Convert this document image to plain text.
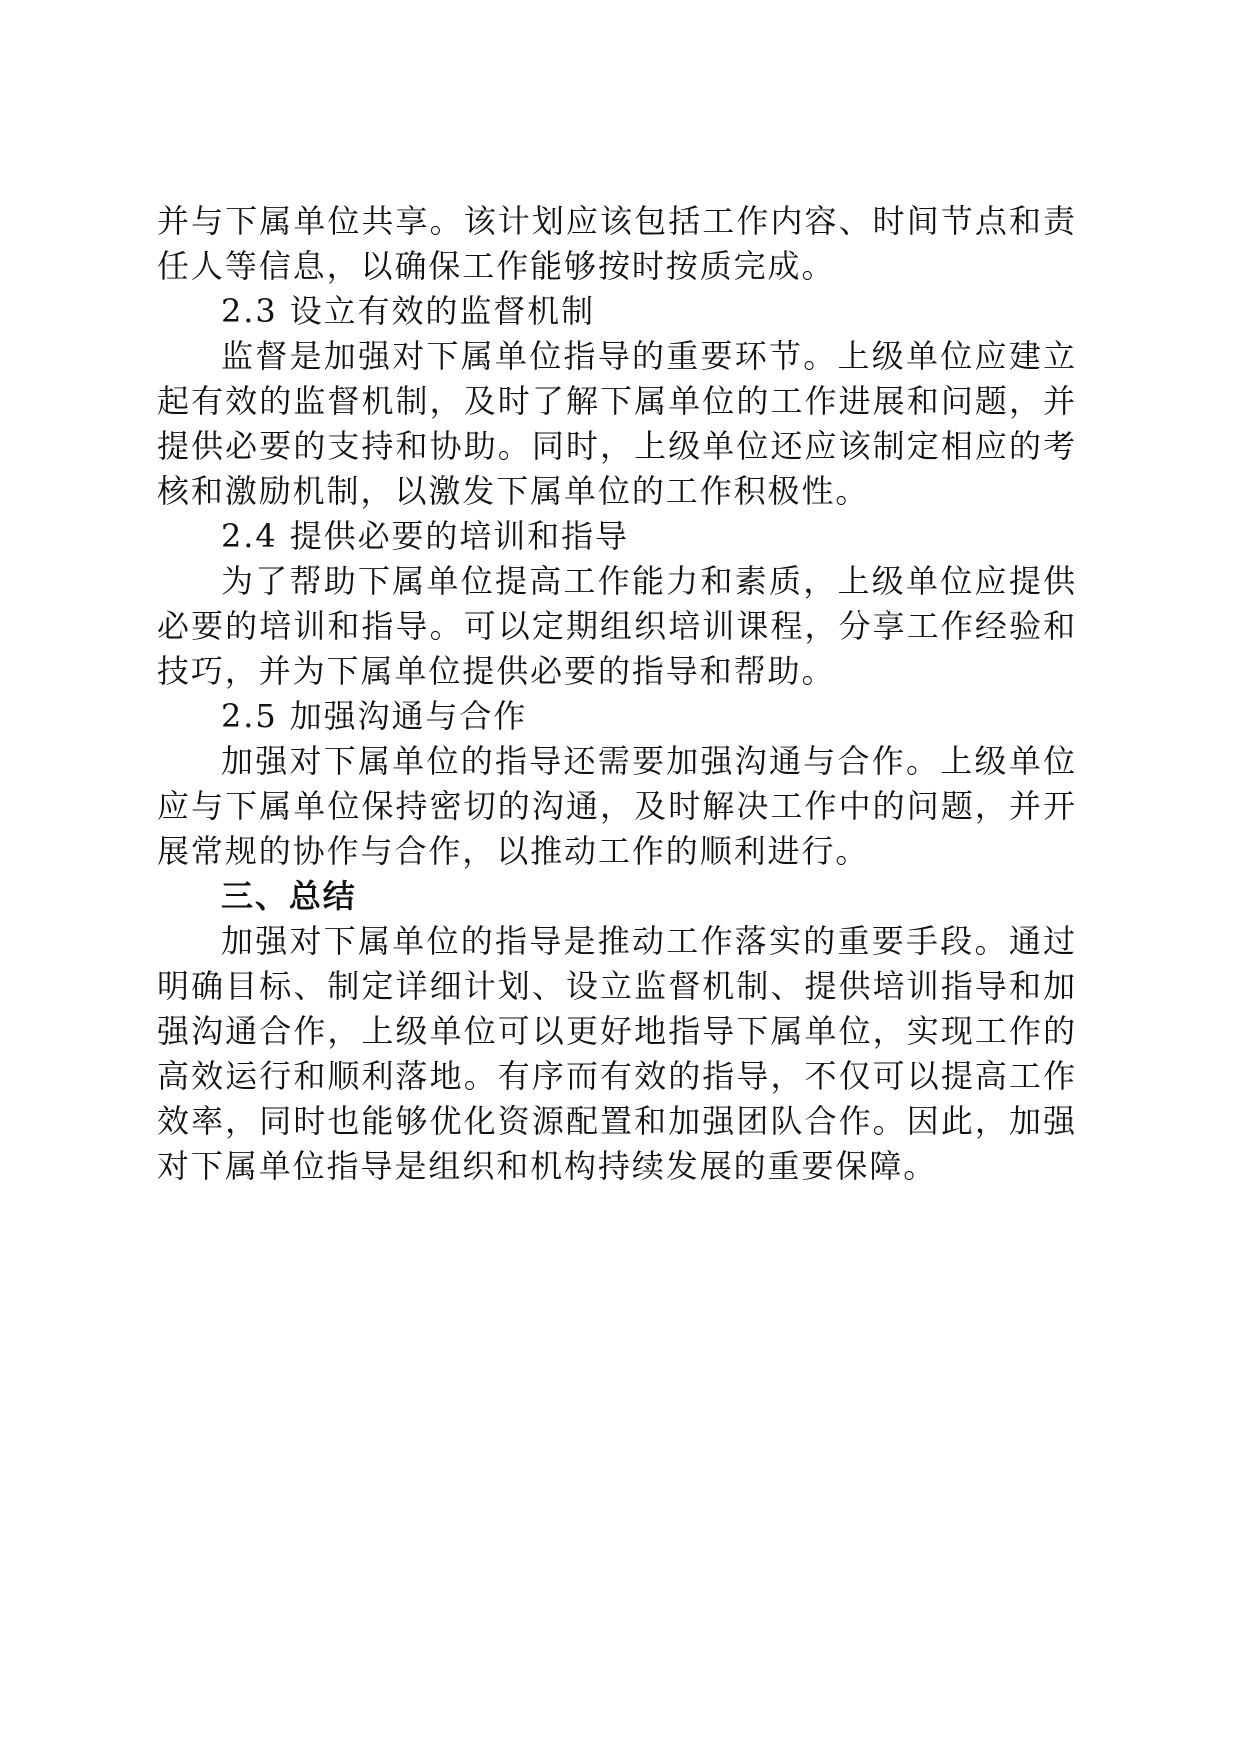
并与下属单位共享。该计划应该包括工作内容、时间节点和责任人等信息，以确保工作能够按时按质完成。

2.3 设立有效的监督机制

监督是加强对下属单位指导的重要环节。上级单位应建立起有效的监督机制，及时了解下属单位的工作进展和问题，并提供必要的支持和协助。同时，上级单位还应该制定相应的考核和激励机制，以激发下属单位的工作积极性。

2.4 提供必要的培训和指导

为了帮助下属单位提高工作能力和素质，上级单位应提供必要的培训和指导。可以定期组织培训课程，分享工作经验和技巧，并为下属单位提供必要的指导和帮助。

2.5 加强沟通与合作

加强对下属单位的指导还需要加强沟通与合作。上级单位应与下属单位保持密切的沟通，及时解决工作中的问题，并开展常规的协作与合作，以推动工作的顺利进行。

三、总结

加强对下属单位的指导是推动工作落实的重要手段。通过明确目标、制定详细计划、设立监督机制、提供培训指导和加强沟通合作，上级单位可以更好地指导下属单位，实现工作的高效运行和顺利落地。有序而有效的指导，不仅可以提高工作效率，同时也能够优化资源配置和加强团队合作。因此，加强对下属单位指导是组织和机构持续发展的重要保障。
